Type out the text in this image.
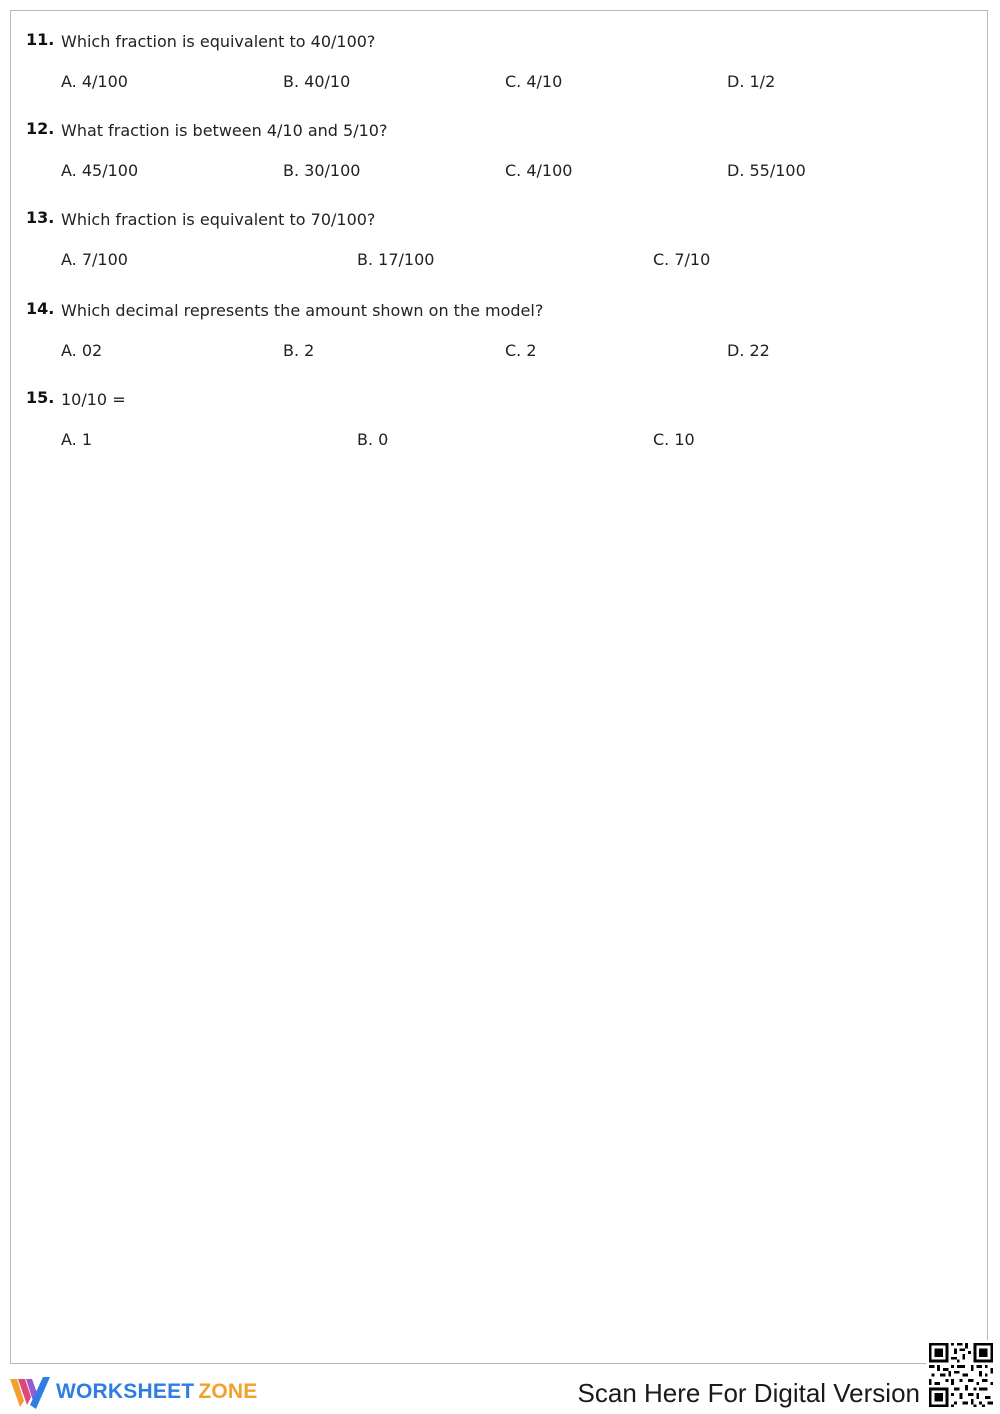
11. Which fraction is equivalent to 40/100?
A. 4/100	B. 40/10	C. 4/10	D. 1/2
12. What fraction is between 4/10 and 5/10?
A. 45/100	B. 30/100	C. 4/100	D. 55/100
13. Which fraction is equivalent to 70/100?
A. 7/100	B. 17/100	C. 7/10
14. Which decimal represents the amount shown on the model?
A. 02	B. 2	C. 2	D. 22
15. 10/10 =
A. 1	B. 0	C. 10
WORKSHEET ZONE	Scan Here For Digital Version
